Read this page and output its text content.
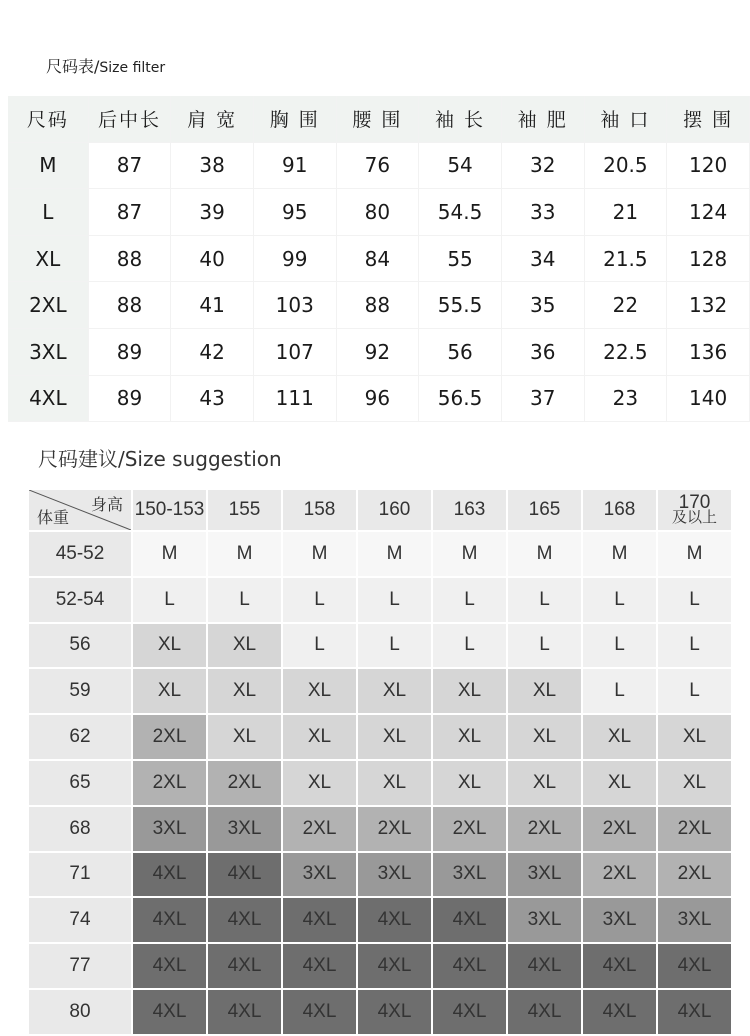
尺码表/Size filter
尺码	后中长	肩 宽	胸 围	腰 围	袖 长	袖 肥	袖 口	摆 围
M	87	38	91	76	54	32	20.5	120
L	87	39	95	80	54.5	33	21	124
XL	88	40	99	84	55	34	21.5	128
2XL	88	41	103	88	55.5	35	22	132
3XL	89	42	107	92	56	36	22.5	136
4XL	89	43	111	96	56.5	37	23	140
尺码建议/Size suggestion
身高
体重	150-153	155	158	160	163	165	168	170
及以上

45-52	M	M	M	M	M	M	M	M
52-54	L	L	L	L	L	L	L	L
56	XL	XL	L	L	L	L	L	L
59	XL	XL	XL	XL	XL	XL	L	L
62	2XL	XL	XL	XL	XL	XL	XL	XL
65	2XL	2XL	XL	XL	XL	XL	XL	XL
68	3XL	3XL	2XL	2XL	2XL	2XL	2XL	2XL
71	4XL	4XL	3XL	3XL	3XL	3XL	2XL	2XL
74	4XL	4XL	4XL	4XL	4XL	3XL	3XL	3XL
77	4XL	4XL	4XL	4XL	4XL	4XL	4XL	4XL
80	4XL	4XL	4XL	4XL	4XL	4XL	4XL	4XL
